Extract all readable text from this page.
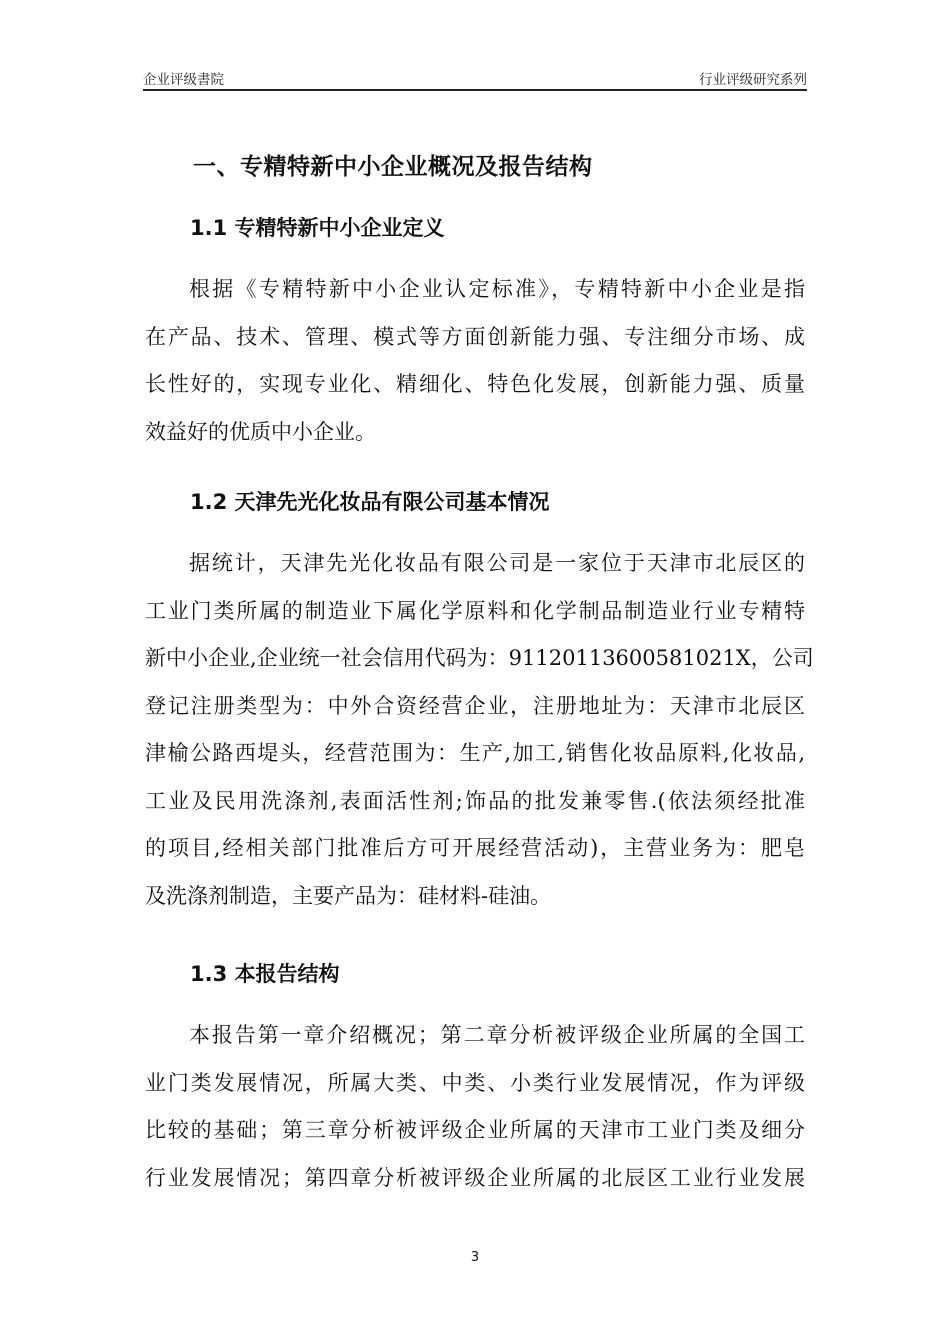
企业评级書院	行业评级研究系列
一、专精特新中小企业概况及报告结构
1.1 专精特新中小企业定义
根据《专精特新中小企业认定标准》，专精特新中小企业是指
在产品、技术、管理、模式等方面创新能力强、专注细分市场、成
长性好的，实现专业化、精细化、特色化发展，创新能力强、质量
效益好的优质中小企业。
1.2 天津先光化妆品有限公司基本情况
据统计，天津先光化妆品有限公司是一家位于天津市北辰区的
工业门类所属的制造业下属化学原料和化学制品制造业行业专精特
新中小企业,企业统一社会信用代码为：91120113600581021X，公司
登记注册类型为：中外合资经营企业，注册地址为：天津市北辰区
津榆公路西堤头，经营范围为：生产,加工,销售化妆品原料,化妆品,
工业及民用洗涤剂,表面活性剂;饰品的批发兼零售.(依法须经批准
的项目,经相关部门批准后方可开展经营活动)，主营业务为：肥皂
及洗涤剂制造，主要产品为：硅材料-硅油。
1.3 本报告结构
本报告第一章介绍概况；第二章分析被评级企业所属的全国工
业门类发展情况，所属大类、中类、小类行业发展情况，作为评级
比较的基础；第三章分析被评级企业所属的天津市工业门类及细分
行业发展情况；第四章分析被评级企业所属的北辰区工业行业发展
3
